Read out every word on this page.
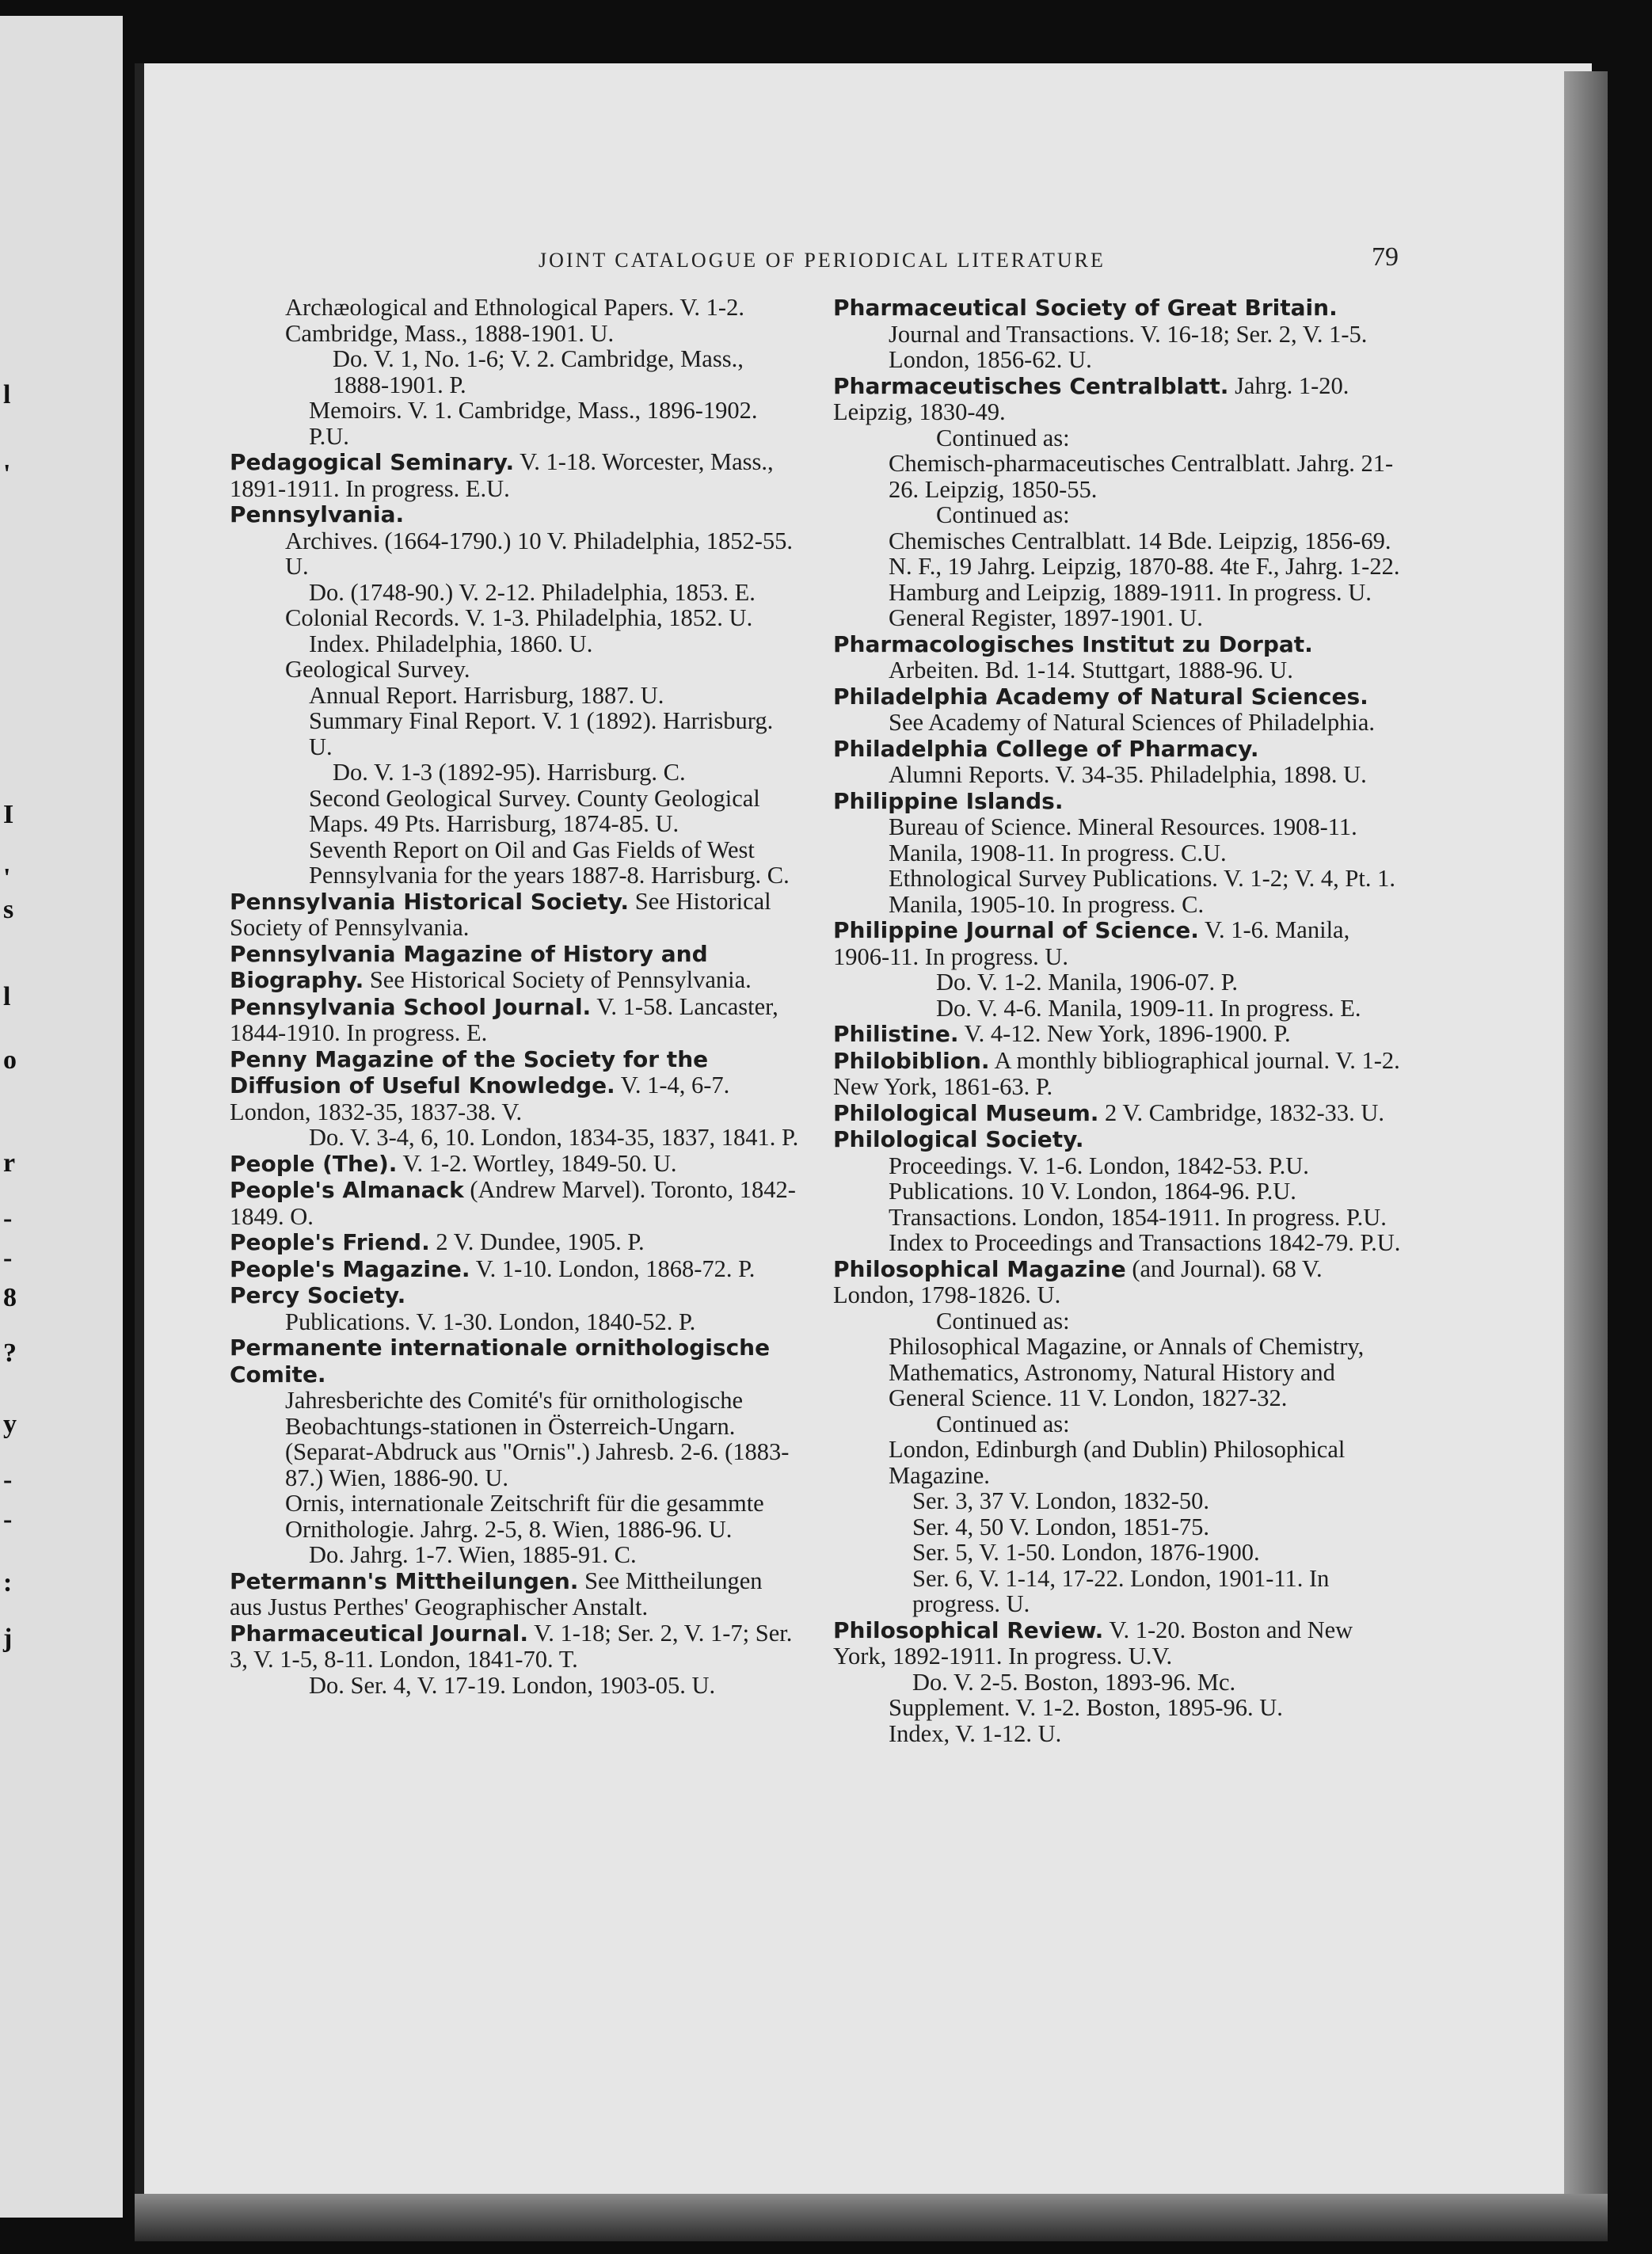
l
'
I
'
s
l
o
r
-
-
8
?
y
-
-
:
j
JOINT CATALOGUE OF PERIODICAL LITERATURE	79
Archæological and Ethnological Papers. V. 1-2. Cambridge, Mass., 1888-1901. U.
Do. V. 1, No. 1-6; V. 2. Cambridge, Mass., 1888-1901. P.
Memoirs. V. 1. Cambridge, Mass., 1896-1902. P.U.
Pedagogical Seminary. V. 1-18. Worcester, Mass., 1891-1911. In progress. E.U.
Pennsylvania.
Archives. (1664-1790.) 10 V. Philadelphia, 1852-55. U.
Do. (1748-90.) V. 2-12. Philadelphia, 1853. E.
Colonial Records. V. 1-3. Philadelphia, 1852. U.
Index. Philadelphia, 1860. U.
Geological Survey.
Annual Report. Harrisburg, 1887. U.
Summary Final Report. V. 1 (1892). Harrisburg. U.
Do. V. 1-3 (1892-95). Harrisburg. C.
Second Geological Survey. County Geological Maps. 49 Pts. Harrisburg, 1874-85. U.
Seventh Report on Oil and Gas Fields of West Pennsylvania for the years 1887-8. Harrisburg. C.
Pennsylvania Historical Society. See Historical Society of Pennsylvania.
Pennsylvania Magazine of History and Biography. See Historical Society of Pennsylvania.
Pennsylvania School Journal. V. 1-58. Lancaster, 1844-1910. In progress. E.
Penny Magazine of the Society for the Diffusion of Useful Knowledge. V. 1-4, 6-7. London, 1832-35, 1837-38. V.
Do. V. 3-4, 6, 10. London, 1834-35, 1837, 1841. P.
People (The). V. 1-2. Wortley, 1849-50. U.
People's Almanack (Andrew Marvel). Toronto, 1842-1849. O.
People's Friend. 2 V. Dundee, 1905. P.
People's Magazine. V. 1-10. London, 1868-72. P.
Percy Society.
Publications. V. 1-30. London, 1840-52. P.
Permanente internationale ornithologische Comite.
Jahresberichte des Comité's für ornithologische Beobachtungs-stationen in Österreich-Ungarn. (Separat-Abdruck aus "Ornis".) Jahresb. 2-6. (1883-87.) Wien, 1886-90. U.
Ornis, internationale Zeitschrift für die gesammte Ornithologie. Jahrg. 2-5, 8. Wien, 1886-96. U.
Do. Jahrg. 1-7. Wien, 1885-91. C.
Petermann's Mittheilungen. See Mittheilungen aus Justus Perthes' Geographischer Anstalt.
Pharmaceutical Journal. V. 1-18; Ser. 2, V. 1-7; Ser. 3, V. 1-5, 8-11. London, 1841-70. T.
Do. Ser. 4, V. 17-19. London, 1903-05. U.
Pharmaceutical Society of Great Britain.
Journal and Transactions. V. 16-18; Ser. 2, V. 1-5. London, 1856-62. U.
Pharmaceutisches Centralblatt. Jahrg. 1-20. Leipzig, 1830-49.
Continued as:
Chemisch-pharmaceutisches Centralblatt. Jahrg. 21-26. Leipzig, 1850-55.
Continued as:
Chemisches Centralblatt. 14 Bde. Leipzig, 1856-69. N. F., 19 Jahrg. Leipzig, 1870-88. 4te F., Jahrg. 1-22. Hamburg and Leipzig, 1889-1911. In progress. U.
General Register, 1897-1901. U.
Pharmacologisches Institut zu Dorpat.
Arbeiten. Bd. 1-14. Stuttgart, 1888-96. U.
Philadelphia Academy of Natural Sciences.
See Academy of Natural Sciences of Philadelphia.
Philadelphia College of Pharmacy.
Alumni Reports. V. 34-35. Philadelphia, 1898. U.
Philippine Islands.
Bureau of Science. Mineral Resources. 1908-11. Manila, 1908-11. In progress. C.U.
Ethnological Survey Publications. V. 1-2; V. 4, Pt. 1. Manila, 1905-10. In progress. C.
Philippine Journal of Science. V. 1-6. Manila, 1906-11. In progress. U.
Do. V. 1-2. Manila, 1906-07. P.
Do. V. 4-6. Manila, 1909-11. In progress. E.
Philistine. V. 4-12. New York, 1896-1900. P.
Philobiblion. A monthly bibliographical journal. V. 1-2. New York, 1861-63. P.
Philological Museum. 2 V. Cambridge, 1832-33. U.
Philological Society.
Proceedings. V. 1-6. London, 1842-53. P.U.
Publications. 10 V. London, 1864-96. P.U.
Transactions. London, 1854-1911. In progress. P.U.
Index to Proceedings and Transactions 1842-79. P.U.
Philosophical Magazine (and Journal). 68 V. London, 1798-1826. U.
Continued as:
Philosophical Magazine, or Annals of Chemistry, Mathematics, Astronomy, Natural History and General Science. 11 V. London, 1827-32.
Continued as:
London, Edinburgh (and Dublin) Philosophical Magazine.
Ser. 3, 37 V. London, 1832-50.
Ser. 4, 50 V. London, 1851-75.
Ser. 5, V. 1-50. London, 1876-1900.
Ser. 6, V. 1-14, 17-22. London, 1901-11. In progress. U.
Philosophical Review. V. 1-20. Boston and New York, 1892-1911. In progress. U.V.
Do. V. 2-5. Boston, 1893-96. Mc.
Supplement. V. 1-2. Boston, 1895-96. U.
Index, V. 1-12. U.
